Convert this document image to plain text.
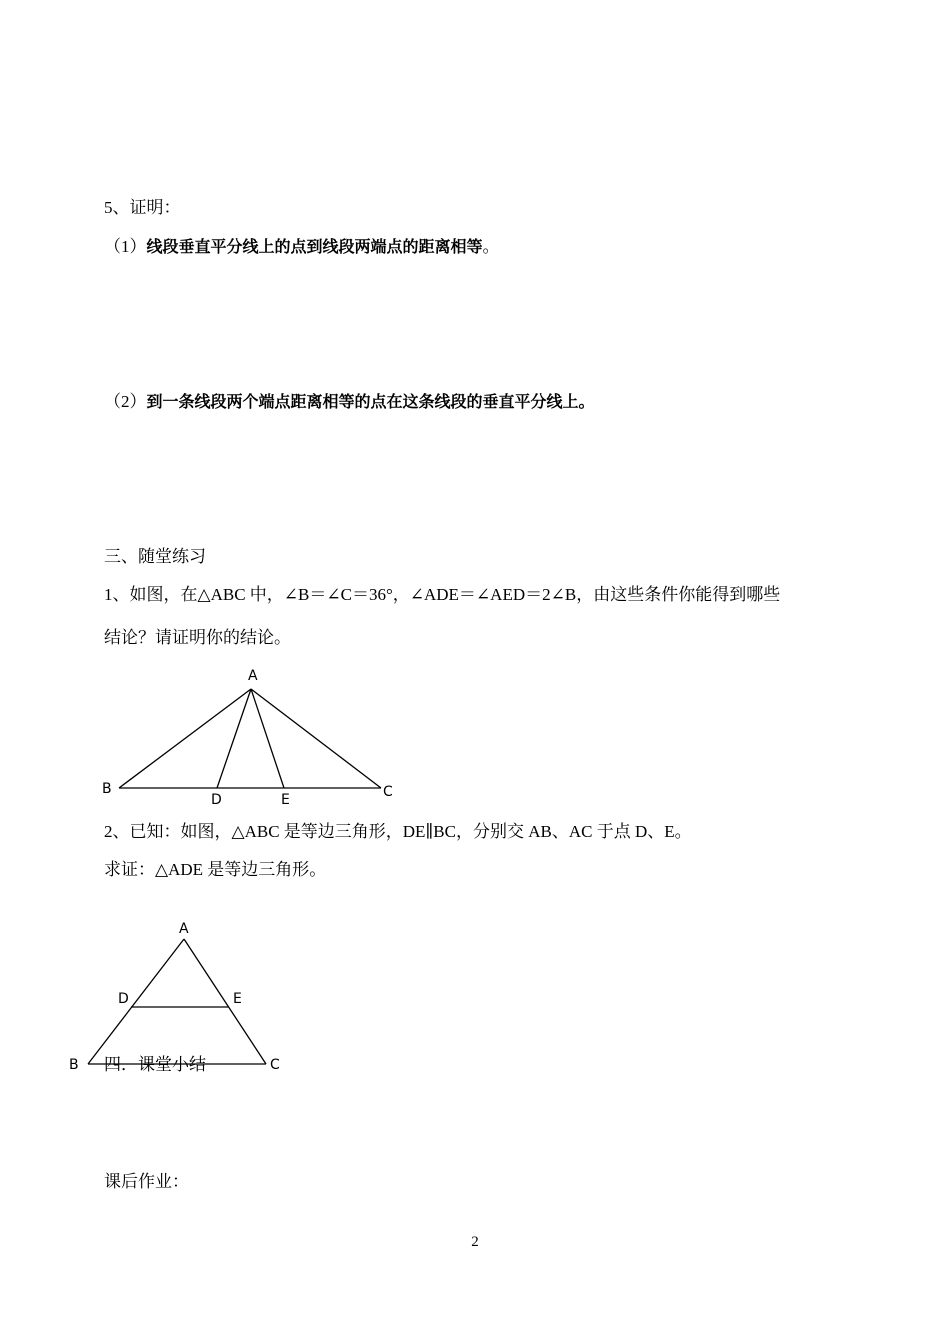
5、证明：
（1）线段垂直平分线上的点到线段两端点的距离相等。
（2）到一条线段两个端点距离相等的点在这条线段的垂直平分线上。
三、随堂练习
1、如图，在△ABC 中，∠B＝∠C＝36°，∠ADE＝∠AED＝2∠B，由这些条件你能得到哪些
结论？请证明你的结论。
A
B	C
D	E
A
B	C
D	E
2、已知：如图，△ABC 是等边三角形，DE∥BC，分别交 AB、AC 于点 D、E。
求证：△ADE 是等边三角形。
四．课堂小结
课后作业：
2
